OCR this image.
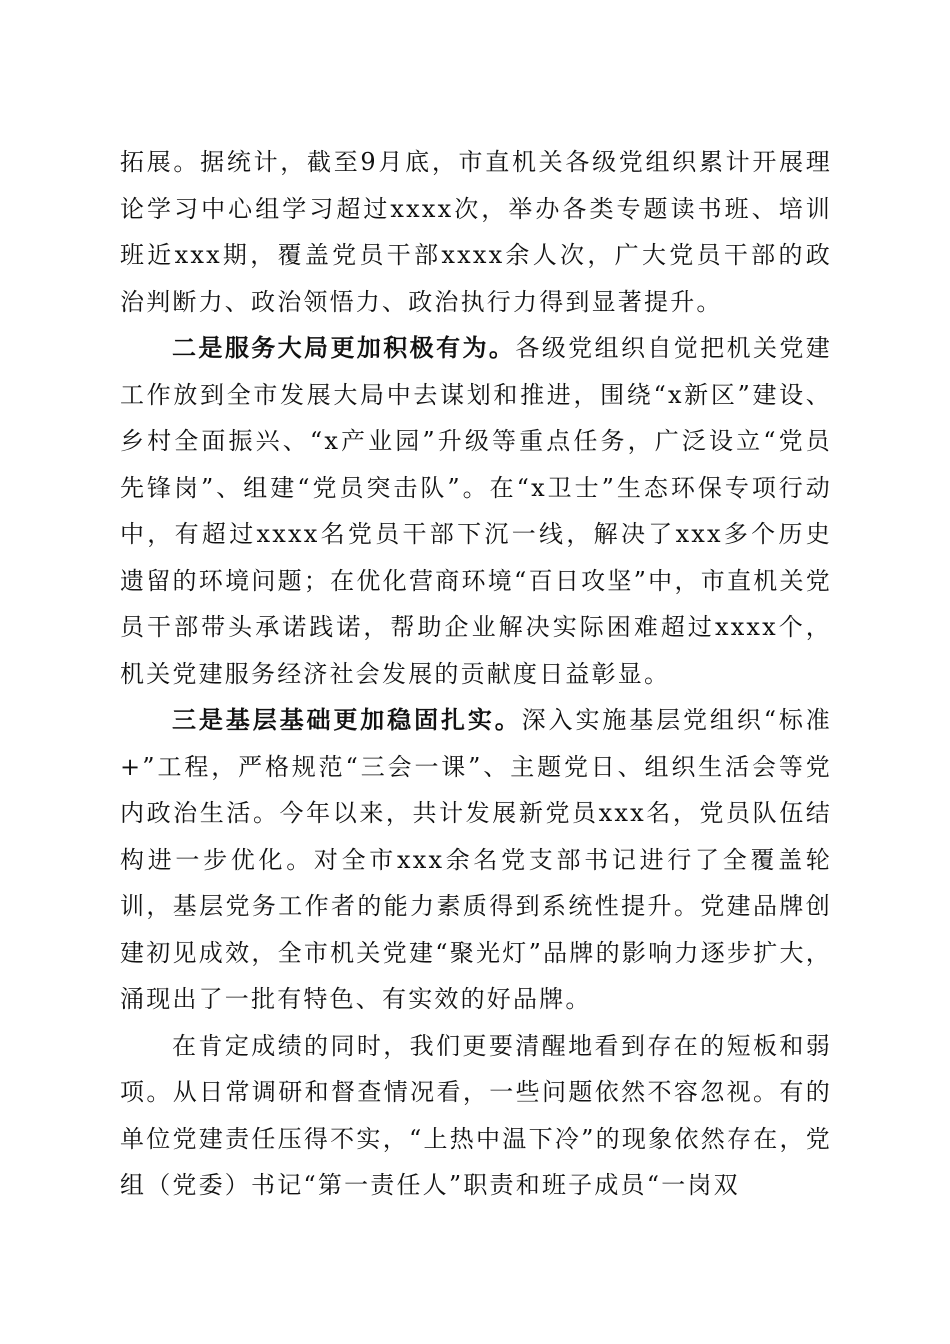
拓展。据统计，截至9月底，市直机关各级党组织累计开展理论学习中心组学习超过xxxx次，举办各类专题读书班、培训班近xxx期，覆盖党员干部xxxx余人次，广大党员干部的政治判断力、政治领悟力、政治执行力得到显著提升。

二是服务大局更加积极有为。各级党组织自觉把机关党建工作放到全市发展大局中去谋划和推进，围绕“x新区”建设、乡村全面振兴、“x产业园”升级等重点任务，广泛设立“党员先锋岗”、组建“党员突击队”。在“x卫士”生态环保专项行动中，有超过xxxx名党员干部下沉一线，解决了xxx多个历史遗留的环境问题；在优化营商环境“百日攻坚”中，市直机关党员干部带头承诺践诺，帮助企业解决实际困难超过xxxx个，机关党建服务经济社会发展的贡献度日益彰显。

三是基层基础更加稳固扎实。深入实施基层党组织“标准+”工程，严格规范“三会一课”、主题党日、组织生活会等党内政治生活。今年以来，共计发展新党员xxx名，党员队伍结构进一步优化。对全市xxx余名党支部书记进行了全覆盖轮训，基层党务工作者的能力素质得到系统性提升。党建品牌创建初见成效，全市机关党建“聚光灯”品牌的影响力逐步扩大，涌现出了一批有特色、有实效的好品牌。

在肯定成绩的同时，我们更要清醒地看到存在的短板和弱项。从日常调研和督查情况看，一些问题依然不容忽视。有的单位党建责任压得不实，“上热中温下冷”的现象依然存在，党组（党委）书记“第一责任人”职责和班子成员“一岗双
